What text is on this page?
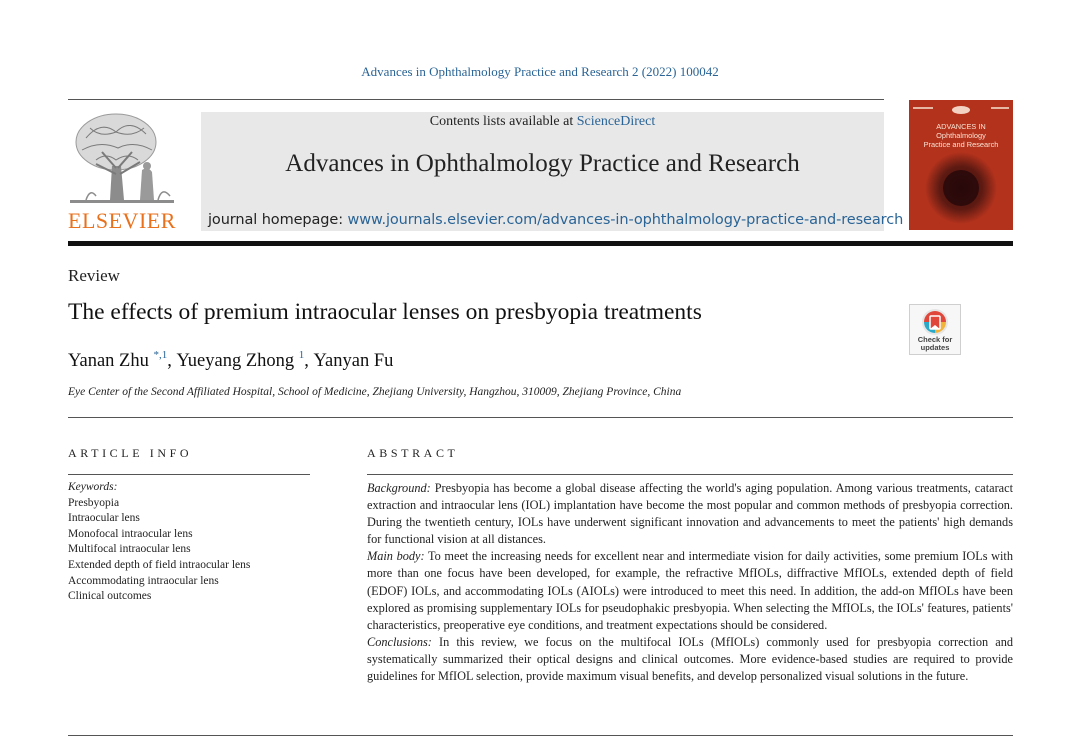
Advances in Ophthalmology Practice and Research 2 (2022) 100042
ELSEVIER
Contents lists available at ScienceDirect
Advances in Ophthalmology Practice and Research
journal homepage: www.journals.elsevier.com/advances-in-ophthalmology-practice-and-research
ADVANCES IN
Ophthalmology
Practice and Research
Review
The effects of premium intraocular lenses on presbyopia treatments
Check for
updates
Yanan Zhu $^{*,1}$, Yueyang Zhong $^1$, Yanyan Fu
Eye Center of the Second Affiliated Hospital, School of Medicine, Zhejiang University, Hangzhou, 310009, Zhejiang Province, China
ARTICLE INFO	ABSTRACT
Keywords:
Presbyopia
Intraocular lens
Monofocal intraocular lens
Multifocal intraocular lens
Extended depth of field intraocular lens
Accommodating intraocular lens
Clinical outcomes

Background: Presbyopia has become a global disease affecting the world's aging population. Among various treatments, cataract extraction and intraocular lens (IOL) implantation have become the most popular and common methods of presbyopia correction. During the twentieth century, IOLs have underwent significant innovation and advancements to meet the patients' high demands for functional vision at all distances.

Main body: To meet the increasing needs for excellent near and intermediate vision for daily activities, some premium IOLs with more than one focus have been developed, for example, the refractive MfIOLs, diffractive MfIOLs, extended depth of field (EDOF) IOLs, and accommodating IOLs (AIOLs) were introduced to meet this need. In addition, the add-on MfIOLs have been explored as promising supplementary IOLs for pseudophakic presbyopia. When selecting the MfIOLs, the IOLs' features, patients' characteristics, preoperative eye conditions, and treatment expectations should be considered.

Conclusions: In this review, we focus on the multifocal IOLs (MfIOLs) commonly used for presbyopia correction and systematically summarized their optical designs and clinical outcomes. More evidence-based studies are required to provide guidelines for MfIOL selection, provide maximum visual benefits, and develop personalized visual solutions in the future.
